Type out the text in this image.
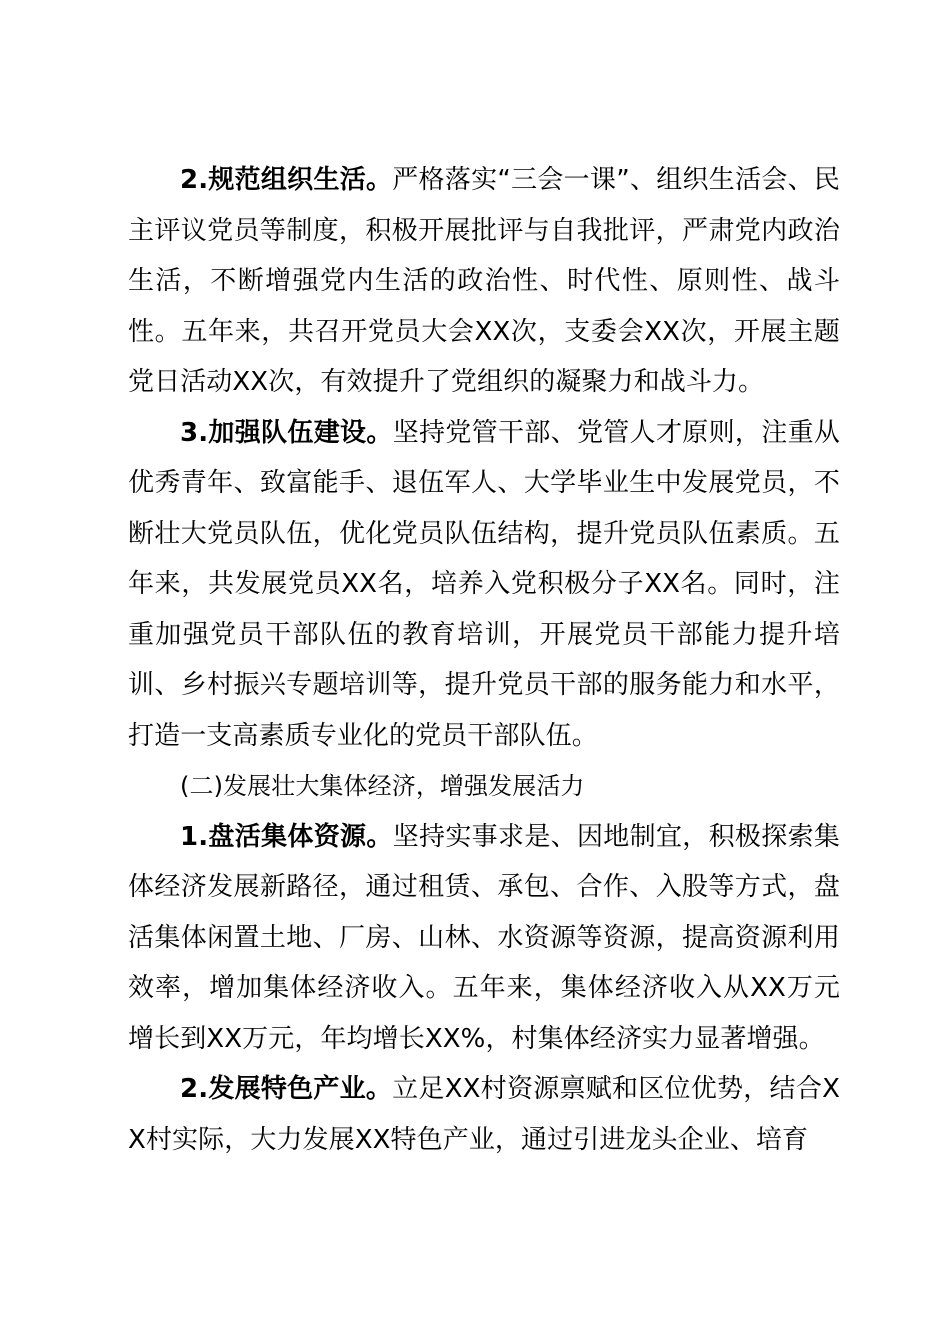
2.规范组织生活。严格落实“三会一课”、组织生活会、民主评议党员等制度，积极开展批评与自我批评，严肃党内政治生活，不断增强党内生活的政治性、时代性、原则性、战斗性。五年来，共召开党员大会XX次，支委会XX次，开展主题党日活动XX次，有效提升了党组织的凝聚力和战斗力。

3.加强队伍建设。坚持党管干部、党管人才原则，注重从优秀青年、致富能手、退伍军人、大学毕业生中发展党员，不断壮大党员队伍，优化党员队伍结构，提升党员队伍素质。五年来，共发展党员XX名，培养入党积极分子XX名。同时，注重加强党员干部队伍的教育培训，开展党员干部能力提升培训、乡村振兴专题培训等，提升党员干部的服务能力和水平，打造一支高素质专业化的党员干部队伍。

(二)发展壮大集体经济，增强发展活力

1.盘活集体资源。坚持实事求是、因地制宜，积极探索集体经济发展新路径，通过租赁、承包、合作、入股等方式，盘活集体闲置土地、厂房、山林、水资源等资源，提高资源利用效率，增加集体经济收入。五年来，集体经济收入从XX万元增长到XX万元，年均增长XX%，村集体经济实力显著增强。

2.发展特色产业。立足XX村资源禀赋和区位优势，结合XX村实际，大力发展XX特色产业，通过引进龙头企业、培育
